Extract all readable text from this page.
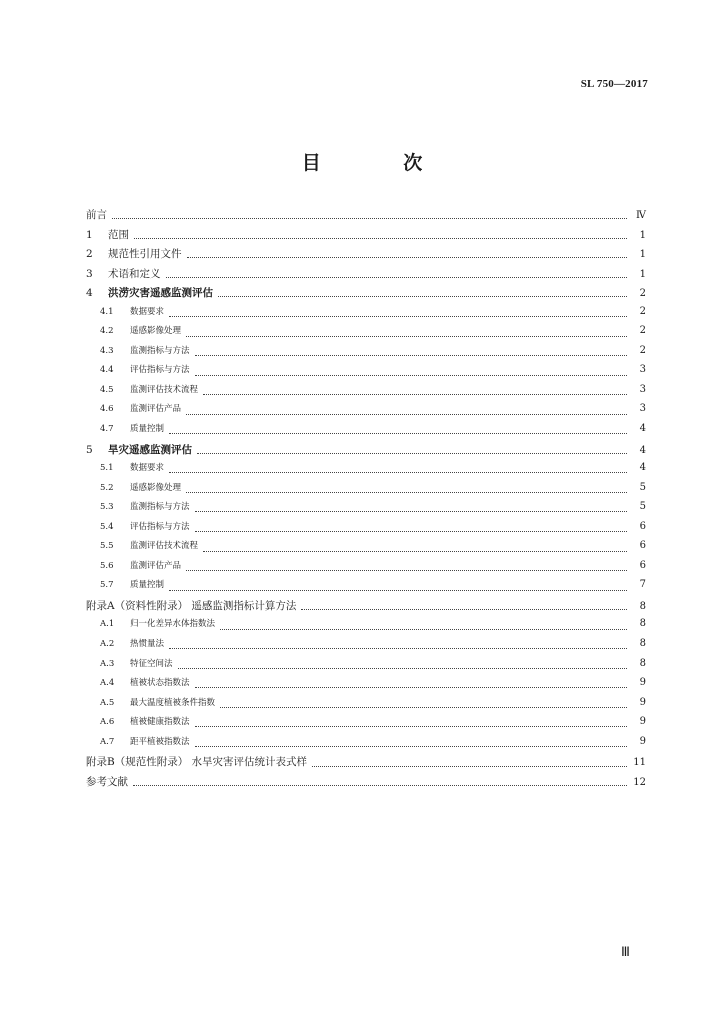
SL 750—2017
目 次
前言	Ⅳ
1	范围	1
2	规范性引用文件	1
3	术语和定义	1
4	洪涝灾害遥感监测评估	2
4.1	数据要求	2
4.2	遥感影像处理	2
4.3	监测指标与方法	2
4.4	评估指标与方法	3
4.5	监测评估技术流程	3
4.6	监测评估产品	3
4.7	质量控制	4
5	旱灾遥感监测评估	4
5.1	数据要求	4
5.2	遥感影像处理	5
5.3	监测指标与方法	5
5.4	评估指标与方法	6
5.5	监测评估技术流程	6
5.6	监测评估产品	6
5.7	质量控制	7
附录A（资料性附录） 遥感监测指标计算方法	8
A.1	归一化差异水体指数法	8
A.2	热惯量法	8
A.3	特征空间法	8
A.4	植被状态指数法	9
A.5	最大温度植被条件指数	9
A.6	植被健康指数法	9
A.7	距平植被指数法	9
附录B（规范性附录） 水旱灾害评估统计表式样	11
参考文献	12
Ⅲ
